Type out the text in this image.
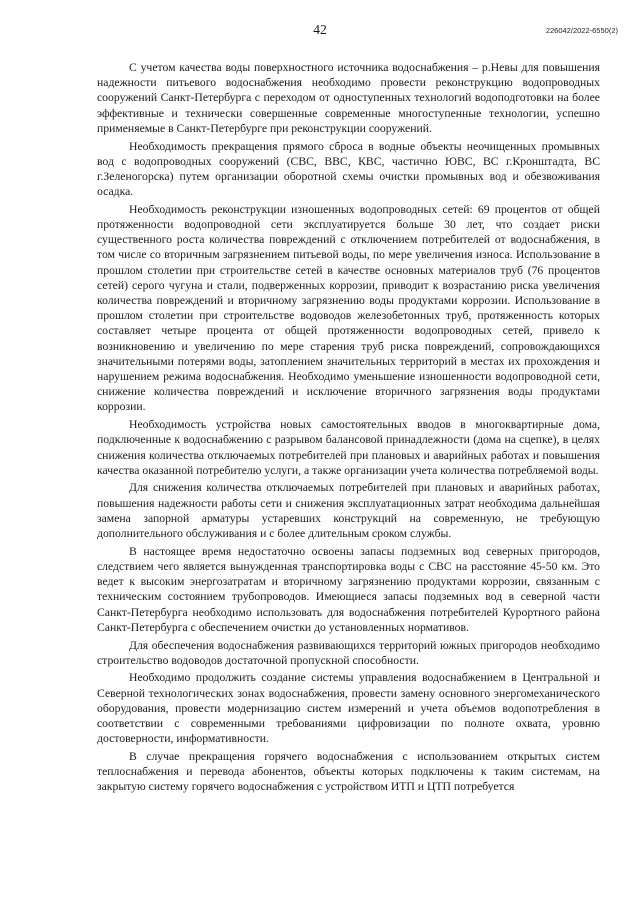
42	226042/2022-6550(2)

С учетом качества воды поверхностного источника водоснабжения – р.Невы для повышения надежности питьевого водоснабжения необходимо провести реконструкцию водопроводных сооружений Санкт-Петербурга с переходом от одноступенных технологий водоподготовки на более эффективные и технически совершенные современные многоступенные технологии, успешно применяемые в Санкт-Петербурге при реконструкции сооружений.

Необходимость прекращения прямого сброса в водные объекты неочищенных промывных вод с водопроводных сооружений (СВС, ВВС, КВС, частично ЮВС, ВС г.Кронштадта, ВС г.Зеленогорска) путем организации оборотной схемы очистки промывных вод и обезвоживания осадка.

Необходимость реконструкции изношенных водопроводных сетей: 69 процентов от общей протяженности водопроводной сети эксплуатируется больше 30 лет, что создает риски существенного роста количества повреждений с отключением потребителей от водоснабжения, в том числе со вторичным загрязнением питьевой воды, по мере увеличения износа. Использование в прошлом столетии при строительстве сетей в качестве основных материалов труб (76 процентов сетей) серого чугуна и стали, подверженных коррозии, приводит к возрастанию риска увеличения количества повреждений и вторичному загрязнению воды продуктами коррозии. Использование в прошлом столетии при строительстве водоводов железобетонных труб, протяженность которых составляет четыре процента от общей протяженности водопроводных сетей, привело к возникновению и увеличению по мере старения труб риска повреждений, сопровождающихся значительными потерями воды, затоплением значительных территорий в местах их прохождения и нарушением режима водоснабжения. Необходимо уменьшение изношенности водопроводной сети, снижение количества повреждений и исключение вторичного загрязнения воды продуктами коррозии.

Необходимость устройства новых самостоятельных вводов в многоквартирные дома, подключенные к водоснабжению с разрывом балансовой принадлежности (дома на сцепке), в целях снижения количества отключаемых потребителей при плановых и аварийных работах и повышения качества оказанной потребителю услуги, а также организации учета количества потребляемой воды.

Для снижения количества отключаемых потребителей при плановых и аварийных работах, повышения надежности работы сети и снижения эксплуатационных затрат необходима дальнейшая замена запорной арматуры устаревших конструкций на современную, не требующую дополнительного обслуживания и с более длительным сроком службы.

В настоящее время недостаточно освоены запасы подземных вод северных пригородов, следствием чего является вынужденная транспортировка воды с СВС на расстояние 45-50 км. Это ведет к высоким энергозатратам и вторичному загрязнению продуктами коррозии, связанным с техническим состоянием трубопроводов. Имеющиеся запасы подземных вод в северной части Санкт-Петербурга необходимо использовать для водоснабжения потребителей Курортного района Санкт-Петербурга с обеспечением очистки до установленных нормативов.

Для обеспечения водоснабжения развивающихся территорий южных пригородов необходимо строительство водоводов достаточной пропускной способности.

Необходимо продолжить создание системы управления водоснабжением в Центральной и Северной технологических зонах водоснабжения, провести замену основного энергомеханического оборудования, провести модернизацию систем измерений и учета объемов водопотребления в соответствии с современными требованиями цифровизации по полноте охвата, уровню достоверности, информативности.

В случае прекращения горячего водоснабжения с использованием открытых систем теплоснабжения и перевода абонентов, объекты которых подключены к таким системам, на закрытую систему горячего водоснабжения с устройством ИТП и ЦТП потребуется
